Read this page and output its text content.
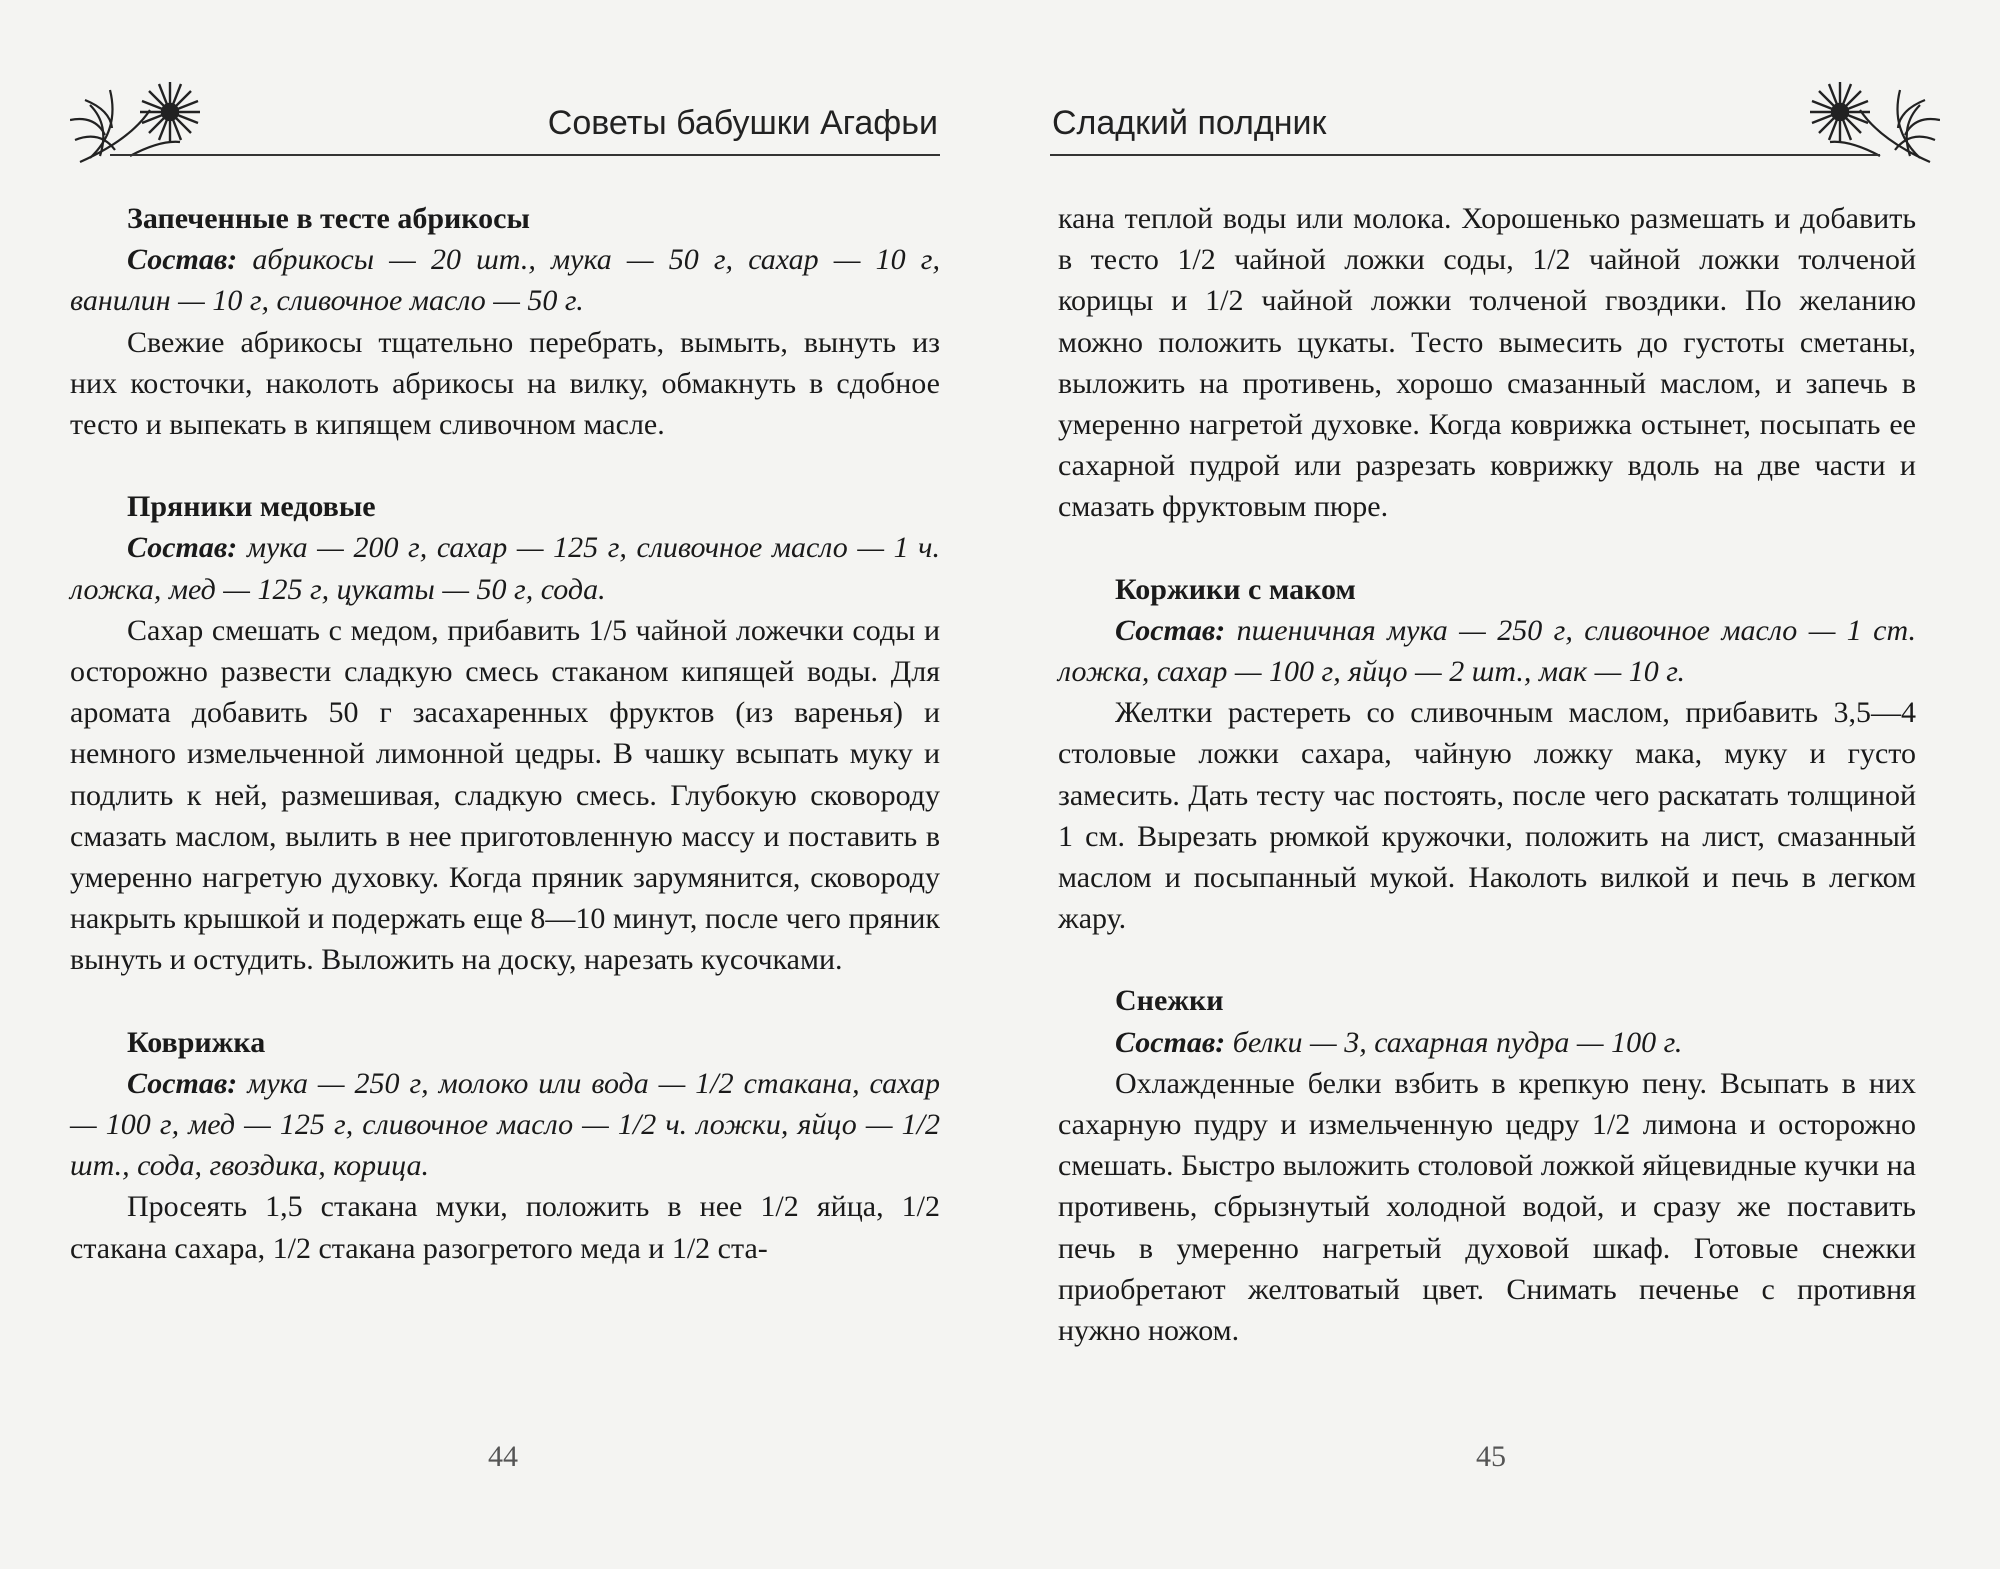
Советы бабушки Агафьи

Запеченные в тесте абрикосы

Состав: абрикосы — 20 шт., мука — 50 г, сахар — 10 г, ванилин — 10 г, сливочное масло — 50 г.

Свежие абрикосы тщательно перебрать, вымыть, вынуть из них косточки, наколоть абрикосы на вилку, обмакнуть в сдобное тесто и выпекать в кипящем сливочном масле.

Пряники медовые

Состав: мука — 200 г, сахар — 125 г, сливочное масло — 1 ч. ложка, мед — 125 г, цукаты — 50 г, сода.

Сахар смешать с медом, прибавить 1/5 чайной ложечки соды и осторожно развести сладкую смесь стаканом кипящей воды. Для аромата добавить 50 г засахаренных фруктов (из варенья) и немного измельченной лимонной цедры. В чашку всыпать муку и подлить к ней, размешивая, сладкую смесь. Глубокую сковороду смазать маслом, вылить в нее приготовленную массу и поставить в умеренно нагретую духовку. Когда пряник зарумянится, сковороду накрыть крышкой и подержать еще 8—10 минут, после чего пряник вынуть и остудить. Выложить на доску, нарезать кусочками.

Коврижка

Состав: мука — 250 г, молоко или вода — 1/2 стакана, сахар — 100 г, мед — 125 г, сливочное масло — 1/2 ч. ложки, яйцо — 1/2 шт., сода, гвоздика, корица.

Просеять 1,5 стакана муки, положить в нее 1/2 яйца, 1/2 стакана сахара, 1/2 стакана разогретого меда и 1/2 ста-

44
Сладкий полдник

кана теплой воды или молока. Хорошенько размешать и добавить в тесто 1/2 чайной ложки соды, 1/2 чайной ложки толченой корицы и 1/2 чайной ложки толченой гвоздики. По желанию можно положить цукаты. Тесто вымесить до густоты сметаны, выложить на противень, хорошо смазанный маслом, и запечь в умеренно нагретой духовке. Когда коврижка остынет, посыпать ее сахарной пудрой или разрезать коврижку вдоль на две части и смазать фруктовым пюре.

Коржики с маком

Состав: пшеничная мука — 250 г, сливочное масло — 1 ст. ложка, сахар — 100 г, яйцо — 2 шт., мак — 10 г.

Желтки растереть со сливочным маслом, прибавить 3,5—4 столовые ложки сахара, чайную ложку мака, муку и густо замесить. Дать тесту час постоять, после чего раскатать толщиной 1 см. Вырезать рюмкой кружочки, положить на лист, смазанный маслом и посыпанный мукой. Наколоть вилкой и печь в легком жару.

Снежки

Состав: белки — 3, сахарная пудра — 100 г.

Охлажденные белки взбить в крепкую пену. Всыпать в них сахарную пудру и измельченную цедру 1/2 лимона и осторожно смешать. Быстро выложить столовой ложкой яйцевидные кучки на противень, сбрызнутый холодной водой, и сразу же поставить печь в умеренно нагретый духовой шкаф. Готовые снежки приобретают желтоватый цвет. Снимать печенье с противня нужно ножом.

45
